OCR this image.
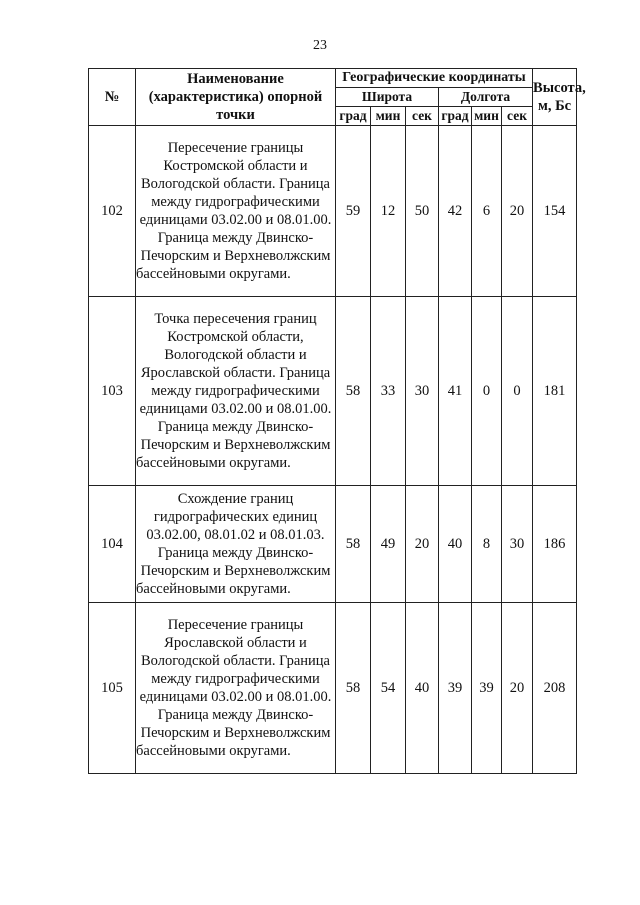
23
№	Наименование (характеристика) опорной точки	Географические координаты						Высота, м, Бс
		Широта			Долгота			
		град	мин	сек	град	мин	сек	
102	Пересечение границы Костромской области и Вологодской области. Граница между гидрографическими единицами 03.02.00 и 08.01.00. Граница между Двинско-Печорским и Верхневолжским бассейновыми округами.	59	12	50	42	6	20	154
103	Точка пересечения границ Костромской области, Вологодской области и Ярославской области. Граница между гидрографическими единицами 03.02.00 и 08.01.00. Граница между Двинско-Печорским и Верхневолжским бассейновыми округами.	58	33	30	41	0	0	181
104	Схождение границ гидрографических единиц 03.02.00, 08.01.02 и 08.01.03. Граница между Двинско-Печорским и Верхневолжским бассейновыми округами.	58	49	20	40	8	30	186
105	Пересечение границы Ярославской области и Вологодской области. Граница между гидрографическими единицами 03.02.00 и 08.01.00. Граница между Двинско-Печорским и Верхневолжским бассейновыми округами.	58	54	40	39	39	20	208
